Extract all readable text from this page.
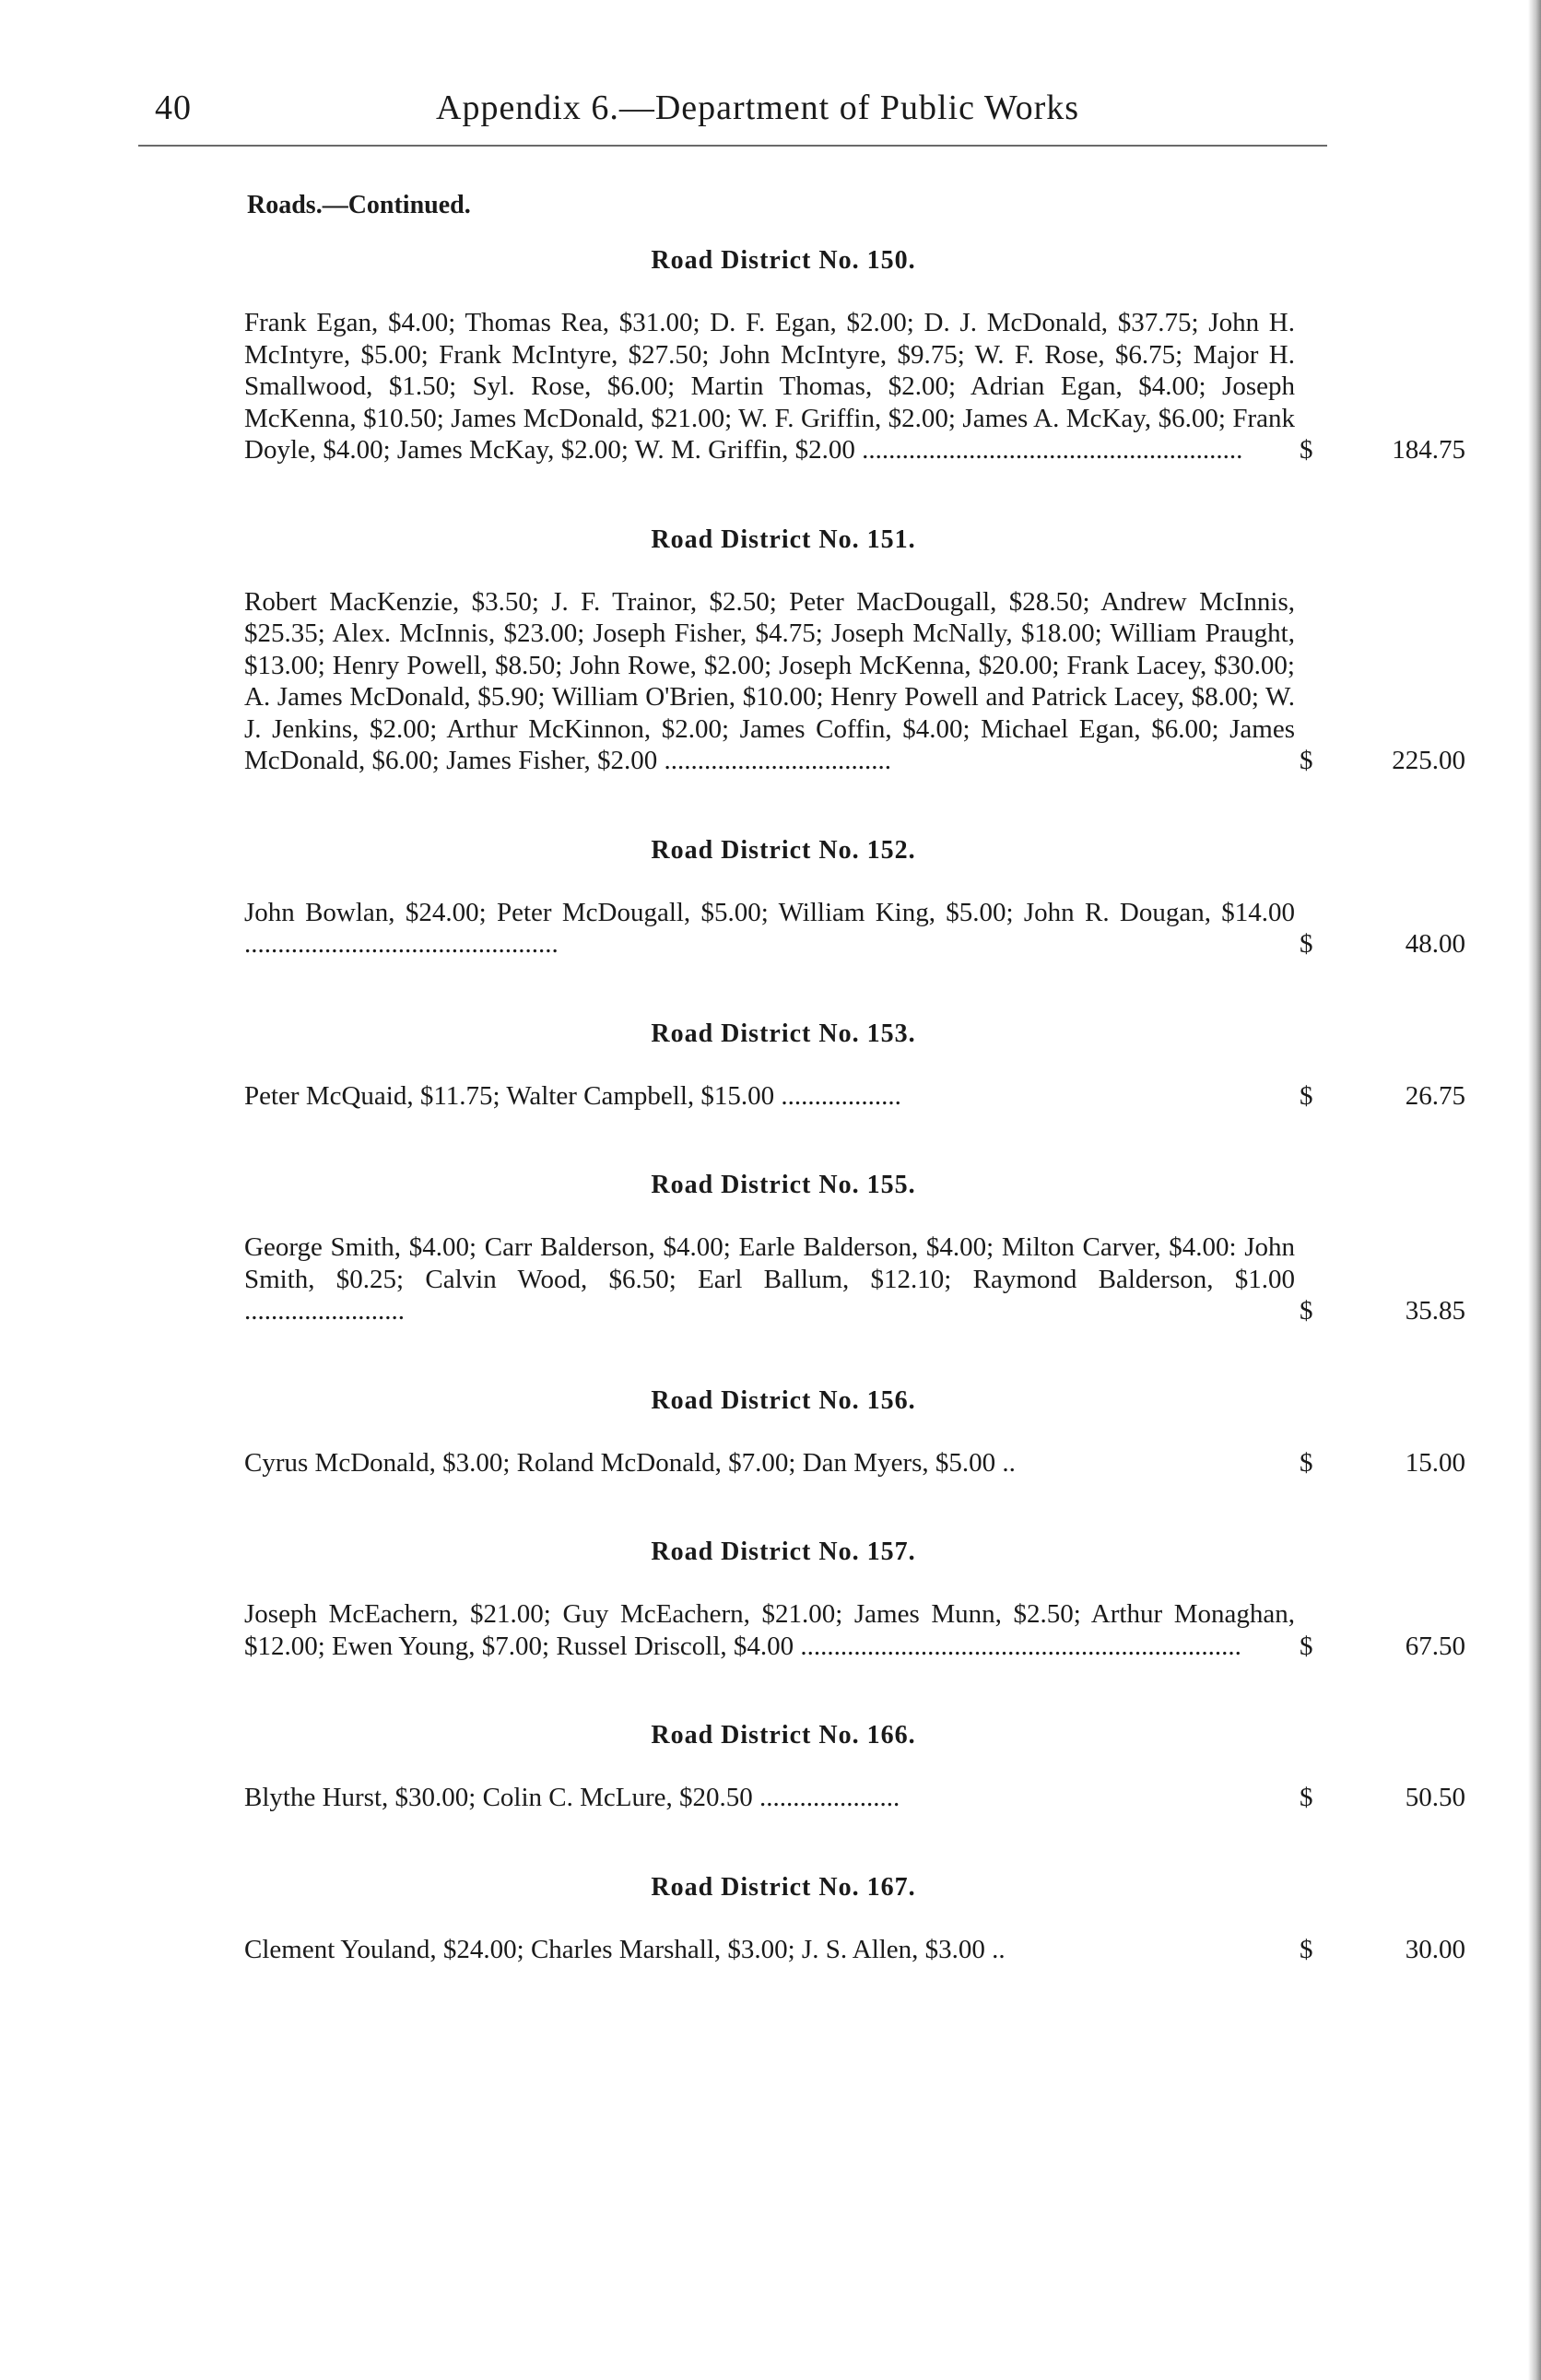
40	Appendix 6.—Department of Public Works
Roads.—Continued.
Road District No. 150.
Frank Egan, $4.00; Thomas Rea, $31.00; D. F. Egan, $2.00; D. J. McDonald, $37.75; John H. McIntyre, $5.00; Frank McIntyre, $27.50; John McIntyre, $9.75; W. F. Rose, $6.75; Major H. Smallwood, $1.50; Syl. Rose, $6.00; Martin Thomas, $2.00; Adrian Egan, $4.00; Joseph McKenna, $10.50; James McDonald, $21.00; W. F. Griffin, $2.00; James A. McKay, $6.00; Frank Doyle, $4.00; James McKay, $2.00; W. M. Griffin, $2.00 .........................................................	$	184.75
Road District No. 151.
Robert MacKenzie, $3.50; J. F. Trainor, $2.50; Peter MacDougall, $28.50; Andrew McInnis, $25.35; Alex. McInnis, $23.00; Joseph Fisher, $4.75; Joseph McNally, $18.00; William Praught, $13.00; Henry Powell, $8.50; John Rowe, $2.00; Joseph McKenna, $20.00; Frank Lacey, $30.00; A. James McDonald, $5.90; William O'Brien, $10.00; Henry Powell and Patrick Lacey, $8.00; W. J. Jenkins, $2.00; Arthur McKinnon, $2.00; James Coffin, $4.00; Michael Egan, $6.00; James McDonald, $6.00; James Fisher, $2.00 ..................................	$	225.00
Road District No. 152.
John Bowlan, $24.00; Peter McDougall, $5.00; William King, $5.00; John R. Dougan, $14.00 ...............................................	$	48.00
Road District No. 153.
Peter McQuaid, $11.75; Walter Campbell, $15.00 ..................	$	26.75
Road District No. 155.
George Smith, $4.00; Carr Balderson, $4.00; Earle Balderson, $4.00; Milton Carver, $4.00: John Smith, $0.25; Calvin Wood, $6.50; Earl Ballum, $12.10; Raymond Balderson, $1.00 ........................	$	35.85
Road District No. 156.
Cyrus McDonald, $3.00; Roland McDonald, $7.00; Dan Myers, $5.00 ..	$	15.00
Road District No. 157.
Joseph McEachern, $21.00; Guy McEachern, $21.00; James Munn, $2.50; Arthur Monaghan, $12.00; Ewen Young, $7.00; Russel Driscoll, $4.00 ..................................................................	$	67.50
Road District No. 166.
Blythe Hurst, $30.00; Colin C. McLure, $20.50 .....................	$	50.50
Road District No. 167.
Clement Youland, $24.00; Charles Marshall, $3.00; J. S. Allen, $3.00 ..	$	30.00
